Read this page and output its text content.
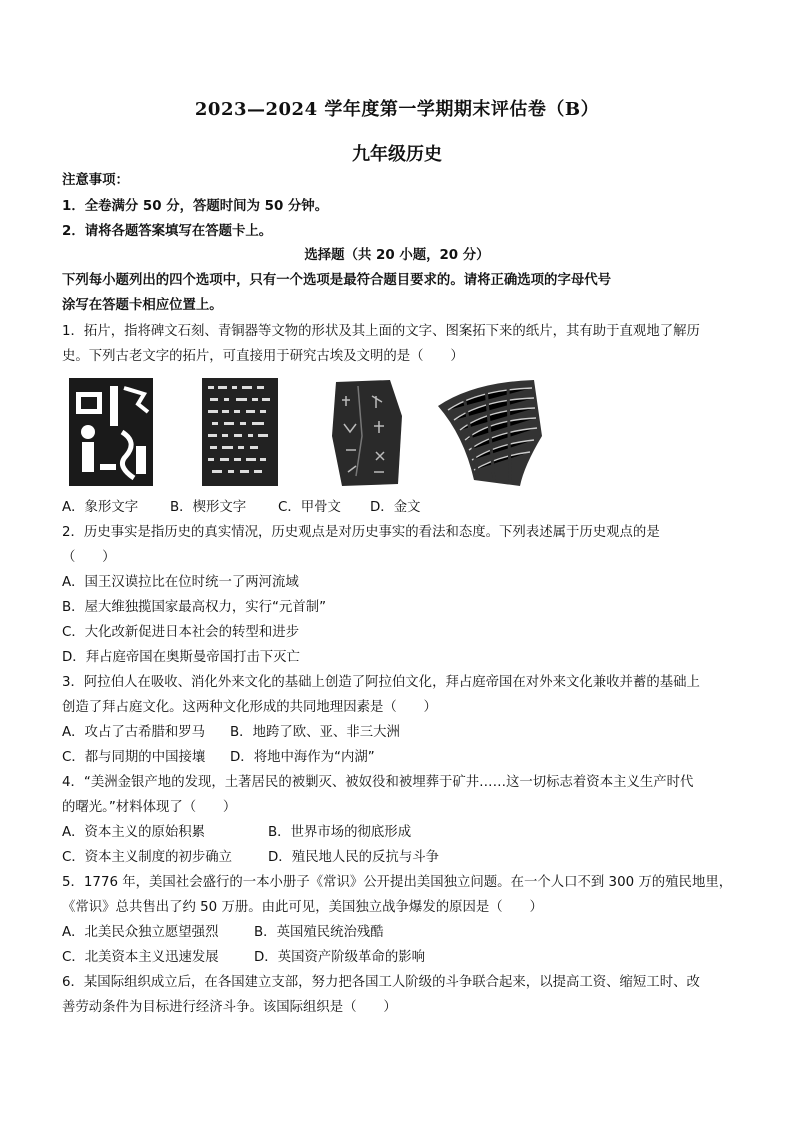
2023—2024 学年度第一学期期末评估卷（B）
九年级历史
注意事项：
1．全卷满分 50 分，答题时间为 50 分钟。
2．请将各题答案填写在答题卡上。
选择题（共 20 小题，20 分）
下列每小题列出的四个选项中，只有一个选项是最符合题目要求的。请将正确选项的字母代号
涂写在答题卡相应位置上。
1．拓片，指将碑文石刻、青铜器等文物的形状及其上面的文字、图案拓下来的纸片，其有助于直观地了解历
史。下列古老文字的拓片，可直接用于研究古埃及文明的是（　　）
A．象形文字 B．楔形文字 C．甲骨文 D．金文
2．历史事实是指历史的真实情况，历史观点是对历史事实的看法和态度。下列表述属于历史观点的是
（　　）
A．国王汉谟拉比在位时统一了两河流域
B．屋大维独揽国家最高权力，实行“元首制”
C．大化改新促进日本社会的转型和进步
D．拜占庭帝国在奥斯曼帝国打击下灭亡
3．阿拉伯人在吸收、消化外来文化的基础上创造了阿拉伯文化，拜占庭帝国在对外来文化兼收并蓄的基础上
创造了拜占庭文化。这两种文化形成的共同地理因素是（　　）
A．攻占了古希腊和罗马 B．地跨了欧、亚、非三大洲
C．都与同期的中国接壤 D．将地中海作为“内湖”
4．“美洲金银产地的发现，土著居民的被剿灭、被奴役和被埋葬于矿井……这一切标志着资本主义生产时代
的曙光。”材料体现了（　　）
A．资本主义的原始积累	B．世界市场的彻底形成
C．资本主义制度的初步确立	D．殖民地人民的反抗与斗争
5．1776 年，美国社会盛行的一本小册子《常识》公开提出美国独立问题。在一个人口不到 300 万的殖民地里，
《常识》总共售出了约 50 万册。由此可见，美国独立战争爆发的原因是（　　）
A．北美民众独立愿望强烈	B．英国殖民统治残酷
C．北美资本主义迅速发展	D．英国资产阶级革命的影响
6．某国际组织成立后，在各国建立支部，努力把各国工人阶级的斗争联合起来，以提高工资、缩短工时、改
善劳动条件为目标进行经济斗争。该国际组织是（　　）
